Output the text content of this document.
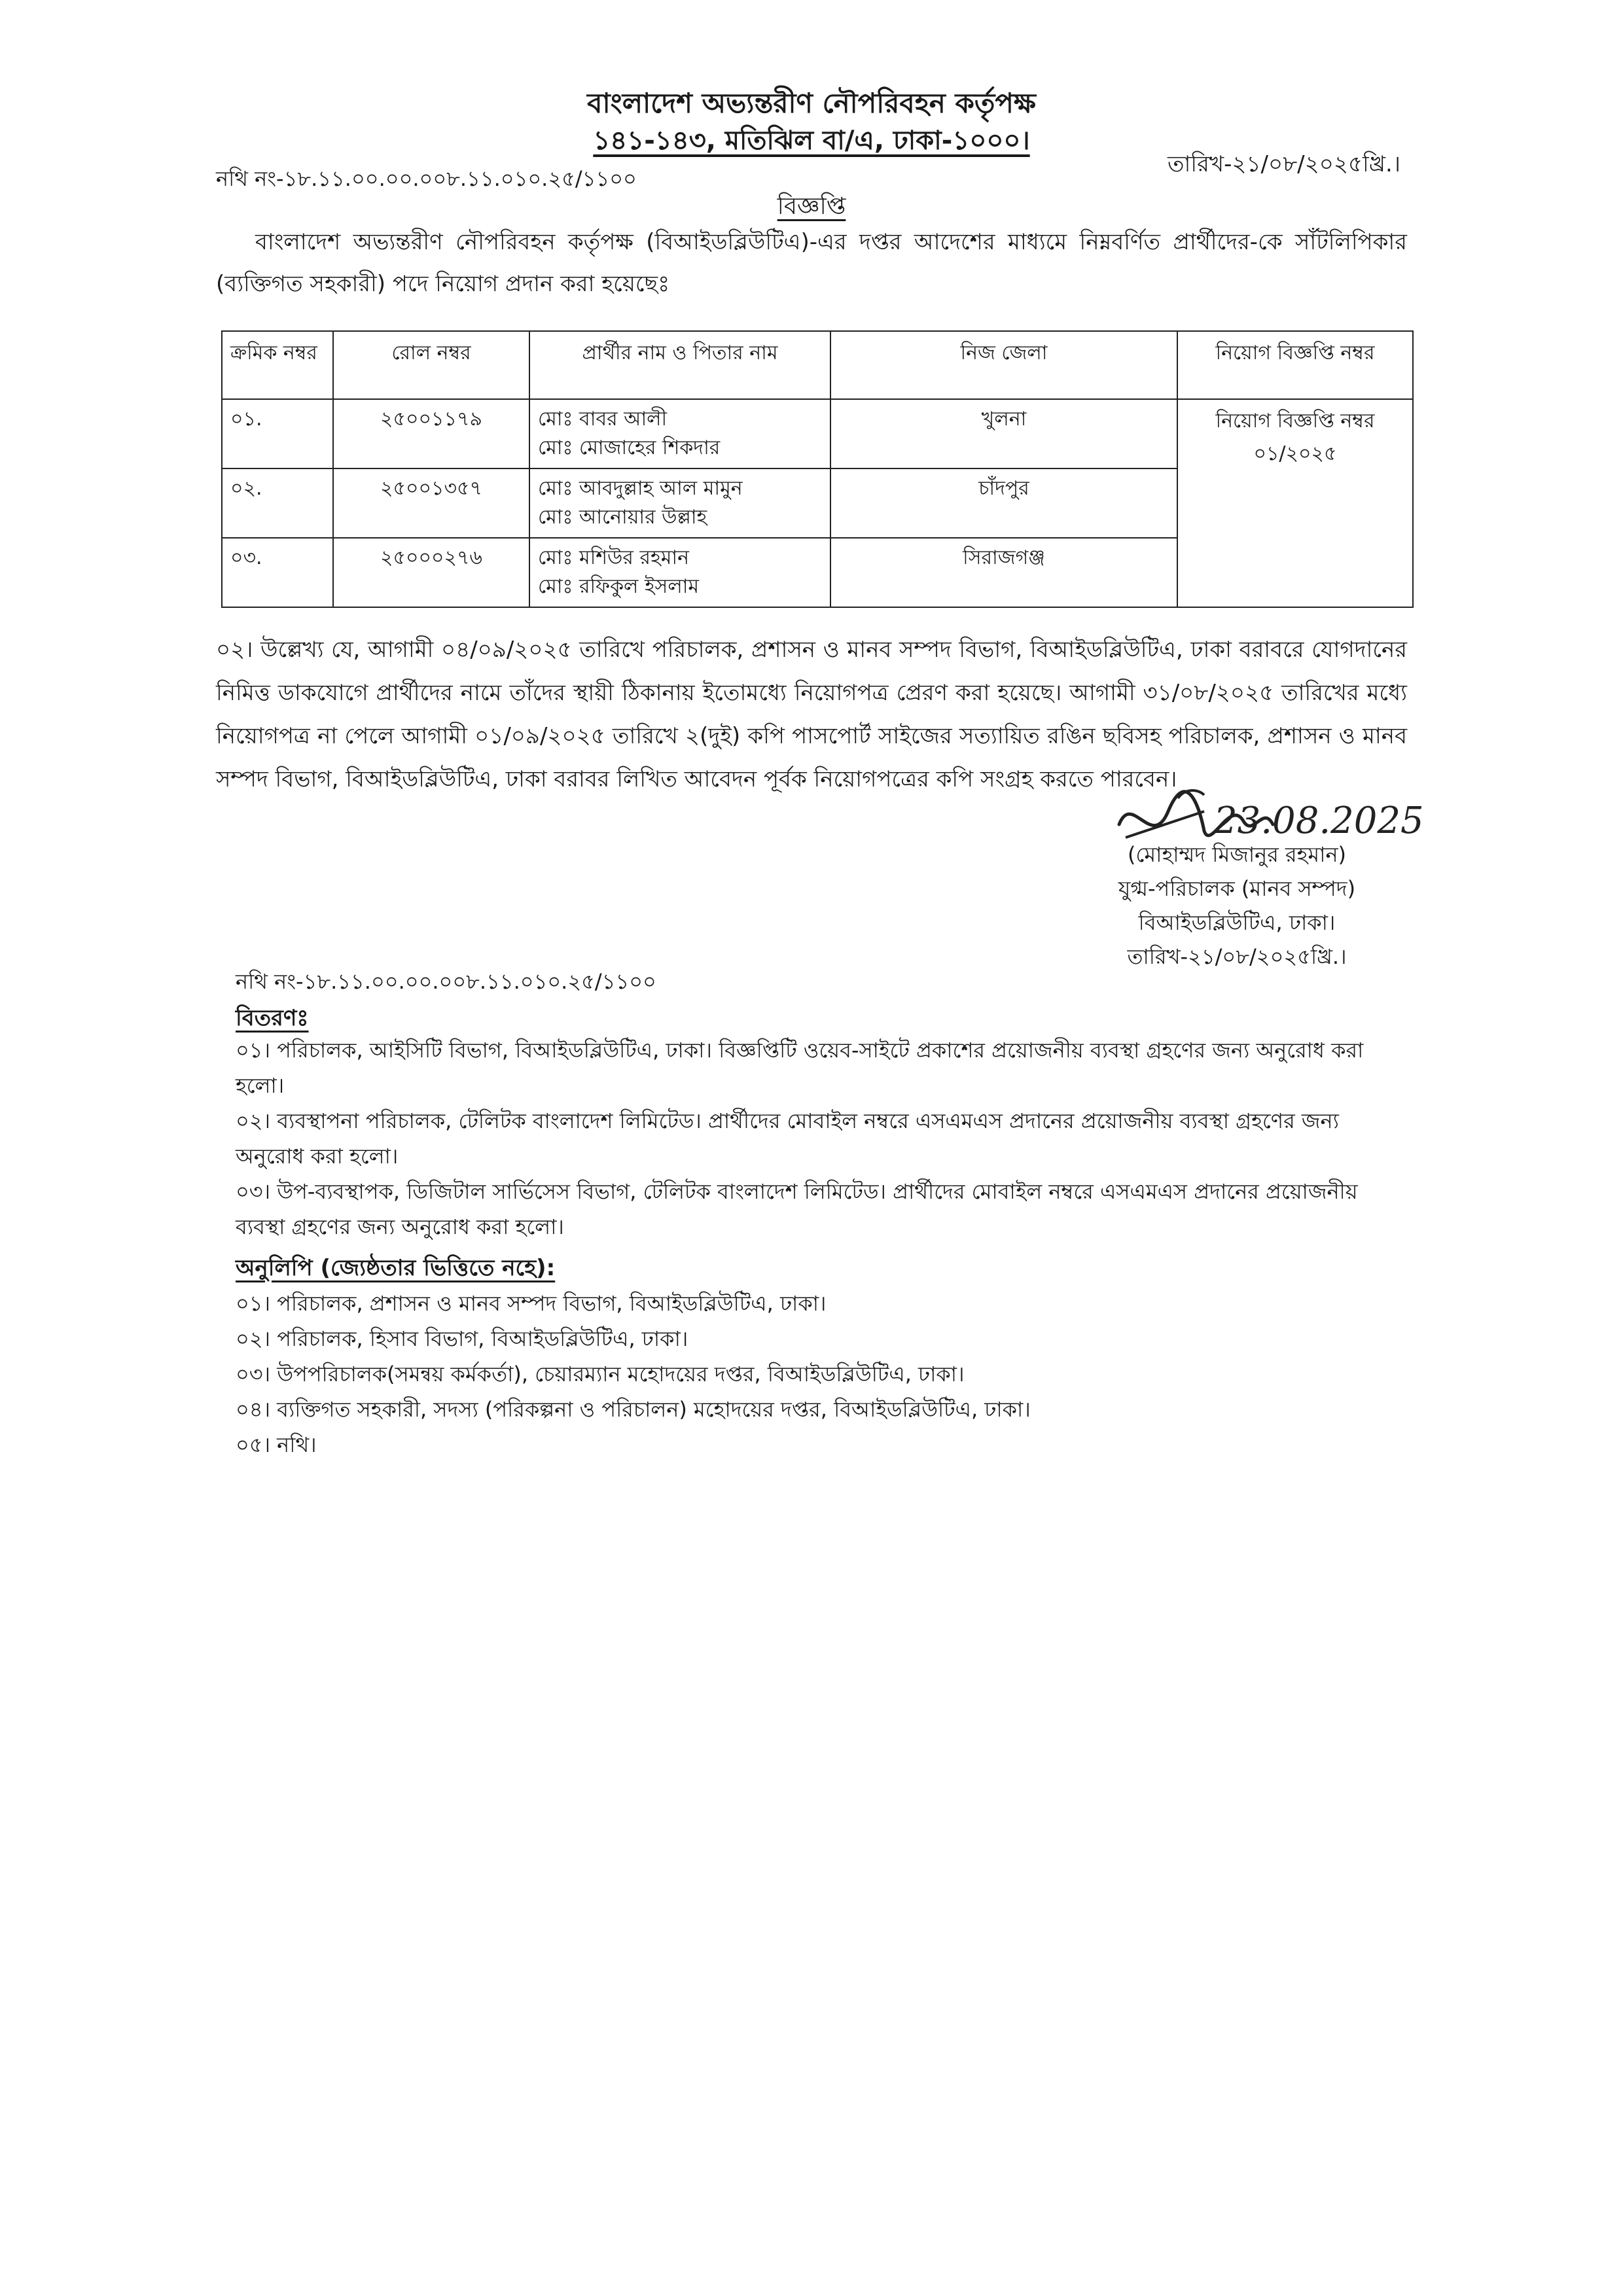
বাংলাদেশ অভ্যন্তরীণ নৌপরিবহন কর্তৃপক্ষ
১৪১-১৪৩, মতিঝিল বা/এ, ঢাকা-১০০০।
নথি নং-১৮.১১.০০.০০.০০৮.১১.০১০.২৫/১১০০
তারিখ-২১/০৮/২০২৫খ্রি.।
বিজ্ঞপ্তি
বাংলাদেশ অভ্যন্তরীণ নৌপরিবহন কর্তৃপক্ষ (বিআইডব্লিউটিএ)-এর দপ্তর আদেশের মাধ্যমে নিম্নবর্ণিত প্রার্থীদের-কে সাঁটলিপিকার (ব্যক্তিগত সহকারী) পদে নিয়োগ প্রদান করা হয়েছেঃ
ক্রমিক নম্বর	রোল নম্বর	প্রার্থীর নাম ও পিতার নাম	নিজ জেলা	নিয়োগ বিজ্ঞপ্তি নম্বর
০১.	২৫০০১১৭৯	মোঃ বাবর আলী
মোঃ মোজাহের শিকদার	খুলনা	নিয়োগ বিজ্ঞপ্তি নম্বর ০১/২০২৫
০২.	২৫০০১৩৫৭	মোঃ আবদুল্লাহ আল মামুন
মোঃ আনোয়ার উল্লাহ	চাঁদপুর	
০৩.	২৫০০০২৭৬	মোঃ মশিউর রহমান
মোঃ রফিকুল ইসলাম	সিরাজগঞ্জ	
০২। উল্লেখ্য যে, আগামী ০৪/০৯/২০২৫ তারিখে পরিচালক, প্রশাসন ও মানব সম্পদ বিভাগ, বিআইডব্লিউটিএ, ঢাকা বরাবরে যোগদানের নিমিত্ত ডাকযোগে প্রার্থীদের নামে তাঁদের স্থায়ী ঠিকানায় ইতোমধ্যে নিয়োগপত্র প্রেরণ করা হয়েছে। আগামী ৩১/০৮/২০২৫ তারিখের মধ্যে নিয়োগপত্র না পেলে আগামী ০১/০৯/২০২৫ তারিখে ২(দুই) কপি পাসপোর্ট সাইজের সত্যায়িত রঙিন ছবিসহ পরিচালক, প্রশাসন ও মানব সম্পদ বিভাগ, বিআইডব্লিউটিএ, ঢাকা বরাবর লিখিত আবেদন পূর্বক নিয়োগপত্রের কপি সংগ্রহ করতে পারবেন।
23.08.2025
(মোহাম্মদ মিজানুর রহমান)
যুগ্ম-পরিচালক (মানব সম্পদ)
বিআইডব্লিউটিএ, ঢাকা।
তারিখ-২১/০৮/২০২৫খ্রি.।
নথি নং-১৮.১১.০০.০০.০০৮.১১.০১০.২৫/১১০০
বিতরণঃ
০১। পরিচালক, আইসিটি বিভাগ, বিআইডব্লিউটিএ, ঢাকা। বিজ্ঞপ্তিটি ওয়েব-সাইটে প্রকাশের প্রয়োজনীয় ব্যবস্থা গ্রহণের জন্য অনুরোধ করা হলো।
০২। ব্যবস্থাপনা পরিচালক, টেলিটক বাংলাদেশ লিমিটেড। প্রার্থীদের মোবাইল নম্বরে এসএমএস প্রদানের প্রয়োজনীয় ব্যবস্থা গ্রহণের জন্য অনুরোধ করা হলো।
০৩। উপ-ব্যবস্থাপক, ডিজিটাল সার্ভিসেস বিভাগ, টেলিটক বাংলাদেশ লিমিটেড। প্রার্থীদের মোবাইল নম্বরে এসএমএস প্রদানের প্রয়োজনীয় ব্যবস্থা গ্রহণের জন্য অনুরোধ করা হলো।
অনুলিপি (জ্যেষ্ঠতার ভিত্তিতে নহে):
০১। পরিচালক, প্রশাসন ও মানব সম্পদ বিভাগ, বিআইডব্লিউটিএ, ঢাকা।
০২। পরিচালক, হিসাব বিভাগ, বিআইডব্লিউটিএ, ঢাকা।
০৩। উপপরিচালক(সমন্বয় কর্মকর্তা), চেয়ারম্যান মহোদয়ের দপ্তর, বিআইডব্লিউটিএ, ঢাকা।
০৪। ব্যক্তিগত সহকারী, সদস্য (পরিকল্পনা ও পরিচালন) মহোদয়ের দপ্তর, বিআইডব্লিউটিএ, ঢাকা।
০৫। নথি।
